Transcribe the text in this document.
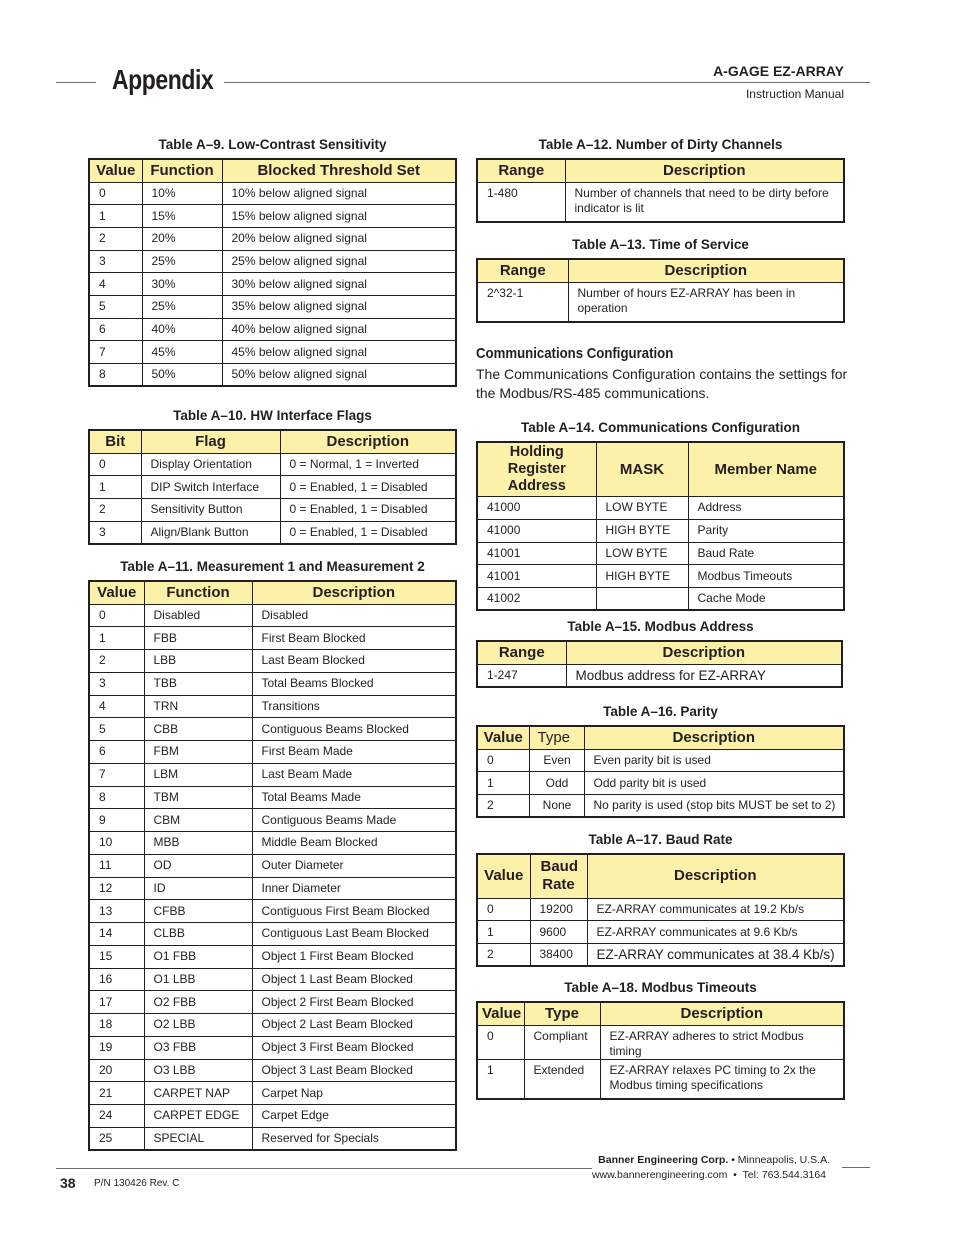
Appendix	A-GAGE EZ-ARRAY
Instruction Manual
Table A–9. Low-Contrast Sensitivity
Value	Function	Blocked Threshold Set
0	10%	10% below aligned signal
1	15%	15% below aligned signal
2	20%	20% below aligned signal
3	25%	25% below aligned signal
4	30%	30% below aligned signal
5	25%	35% below aligned signal
6	40%	40% below aligned signal
7	45%	45% below aligned signal
8	50%	50% below aligned signal
Table A–10. HW Interface Flags
Bit	Flag	Description
0	Display Orientation	0 = Normal, 1 = Inverted
1	DIP Switch Interface	0 = Enabled, 1 = Disabled
2	Sensitivity Button	0 = Enabled, 1 = Disabled
3	Align/Blank Button	0 = Enabled, 1 = Disabled
Table A–11. Measurement 1 and Measurement 2
Value	Function	Description
0	Disabled	Disabled
1	FBB	First Beam Blocked
2	LBB	Last Beam Blocked
3	TBB	Total Beams Blocked
4	TRN	Transitions
5	CBB	Contiguous Beams Blocked
6	FBM	First Beam Made
7	LBM	Last Beam Made
8	TBM	Total Beams Made
9	CBM	Contiguous Beams Made
10	MBB	Middle Beam Blocked
11	OD	Outer Diameter
12	ID	Inner Diameter
13	CFBB	Contiguous First Beam Blocked
14	CLBB	Contiguous Last Beam Blocked
15	O1 FBB	Object 1 First Beam Blocked
16	O1 LBB	Object 1 Last Beam Blocked
17	O2 FBB	Object 2 First Beam Blocked
18	O2 LBB	Object 2 Last Beam Blocked
19	O3 FBB	Object 3 First Beam Blocked
20	O3 LBB	Object 3 Last Beam Blocked
21	CARPET NAP	Carpet Nap
24	CARPET EDGE	Carpet Edge
25	SPECIAL	Reserved for Specials
Table A–12. Number of Dirty Channels
Range	Description
1-480	Number of channels that need to be dirty before indicator is lit
Table A–13. Time of Service
Range	Description
2^32-1	Number of hours EZ-ARRAY has been in operation
Communications Configuration
The Communications Configuration contains the settings for the Modbus/RS-485 communications.
Table A–14. Communications Configuration
Holding Register Address	MASK	Member Name
41000	LOW BYTE	Address
41000	HIGH BYTE	Parity
41001	LOW BYTE	Baud Rate
41001	HIGH BYTE	Modbus Timeouts
41002		Cache Mode
Table A–15. Modbus Address
Range	Description
1-247	Modbus address for EZ-ARRAY
Table A–16. Parity
Value	Type	Description
0	Even	Even parity bit is used
1	Odd	Odd parity bit is used
2	None	No parity is used (stop bits MUST be set to 2)
Table A–17. Baud Rate
Value	Baud Rate	Description
0	19200	EZ-ARRAY communicates at 19.2 Kb/s
1	9600	EZ-ARRAY communicates at 9.6 Kb/s
2	38400	EZ-ARRAY communicates at 38.4 Kb/s)
Table A–18. Modbus Timeouts
Value	Type	Description
0	Compliant	EZ-ARRAY adheres to strict Modbus timing
1	Extended	EZ-ARRAY relaxes PC timing to 2x the Modbus timing specifications
38 P/N 130426 Rev. C
Banner Engineering Corp. • Minneapolis, U.S.A.
www.bannerengineering.com  •  Tel: 763.544.3164
